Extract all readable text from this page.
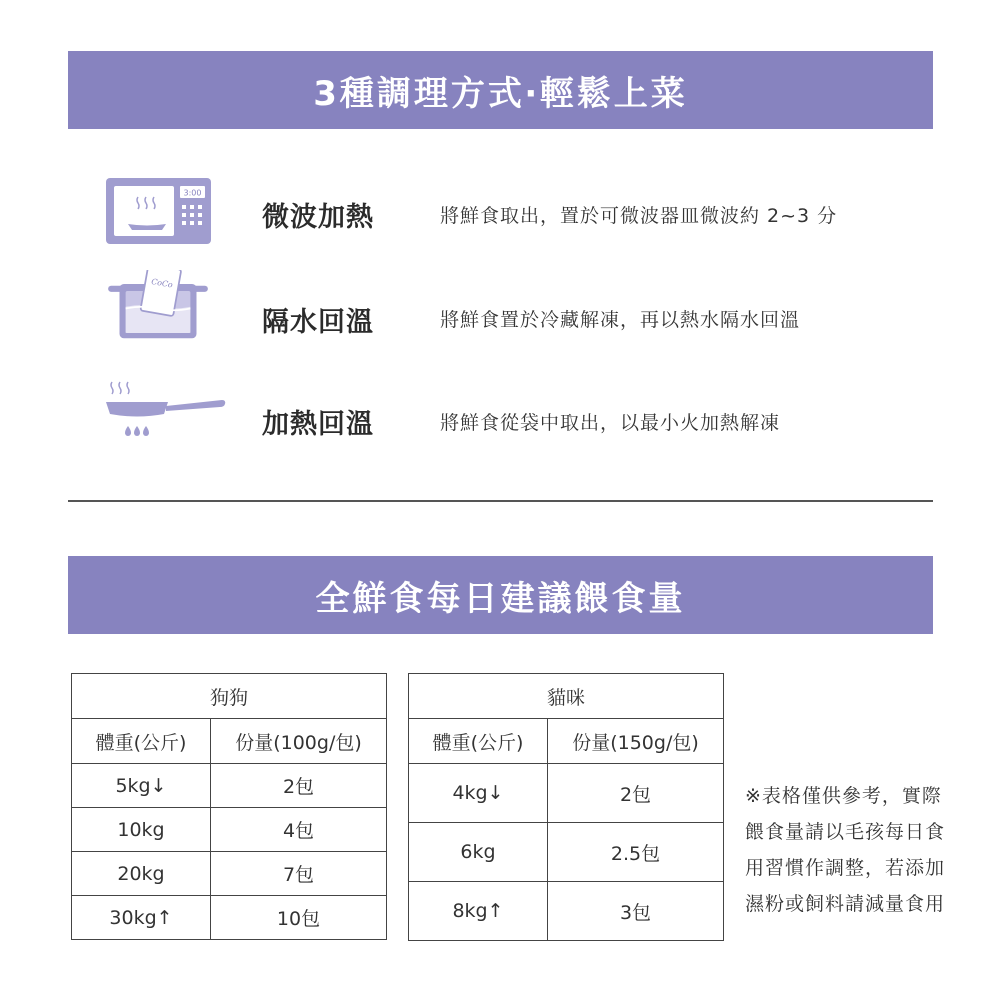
3種調理方式‧輕鬆上菜
3:00
微波加熱	將鮮食取出，置於可微波器皿微波約 2~3 分
CoCo
隔水回溫	將鮮食置於冷藏解凍，再以熱水隔水回溫
加熱回溫	將鮮食從袋中取出，以最小火加熱解凍
全鮮食每日建議餵食量
狗狗	
體重(公斤)	份量(100g/包)
5kg↓	2包
10kg	4包
20kg	7包
30kg↑	10包
貓咪	
體重(公斤)	份量(150g/包)
4kg↓	2包
6kg	2.5包
8kg↑	3包
※表格僅供參考，實際餵食量請以毛孩每日食用習慣作調整，若添加濕粉或飼料請減量食用
